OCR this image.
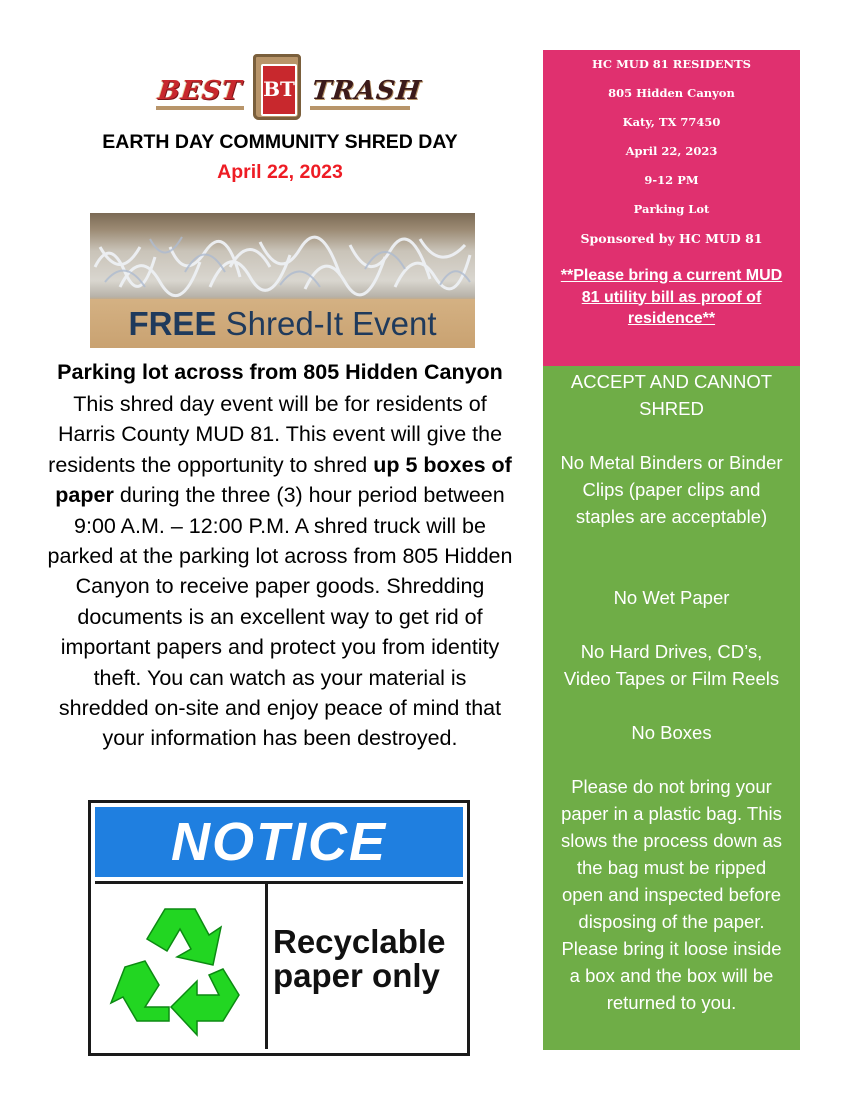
BEST BT TRASH
EARTH DAY COMMUNITY SHRED DAY
April 22, 2023
FREE Shred-It Event
Parking lot across from 805 Hidden Canyon
This shred day event will be for residents of Harris County MUD 81. This event will give the residents the opportunity to shred up 5 boxes of paper during the three (3) hour period between 9:00 A.M. – 12:00 P.M. A shred truck will be parked at the parking lot across from 805 Hidden Canyon to receive paper goods. Shredding documents is an excellent way to get rid of important papers and protect you from identity theft. You can watch as your material is shredded on-site and enjoy peace of mind that your information has been destroyed.
NOTICE
Recyclable
paper only
HC MUD 81 RESIDENTS
805 Hidden Canyon
Katy, TX 77450
April 22, 2023
9-12 PM
Parking Lot
Sponsored by HC MUD 81
**Please bring a current MUD 81 utility bill as proof of residence**
ACCEPT AND CANNOT SHRED
No Metal Binders or Binder Clips (paper clips and staples are acceptable)
No Wet Paper
No Hard Drives, CD’s, Video Tapes or Film Reels
No Boxes
Please do not bring your paper in a plastic bag. This slows the process down as the bag must be ripped open and inspected before disposing of the paper. Please bring it loose inside a box and the box will be returned to you.
